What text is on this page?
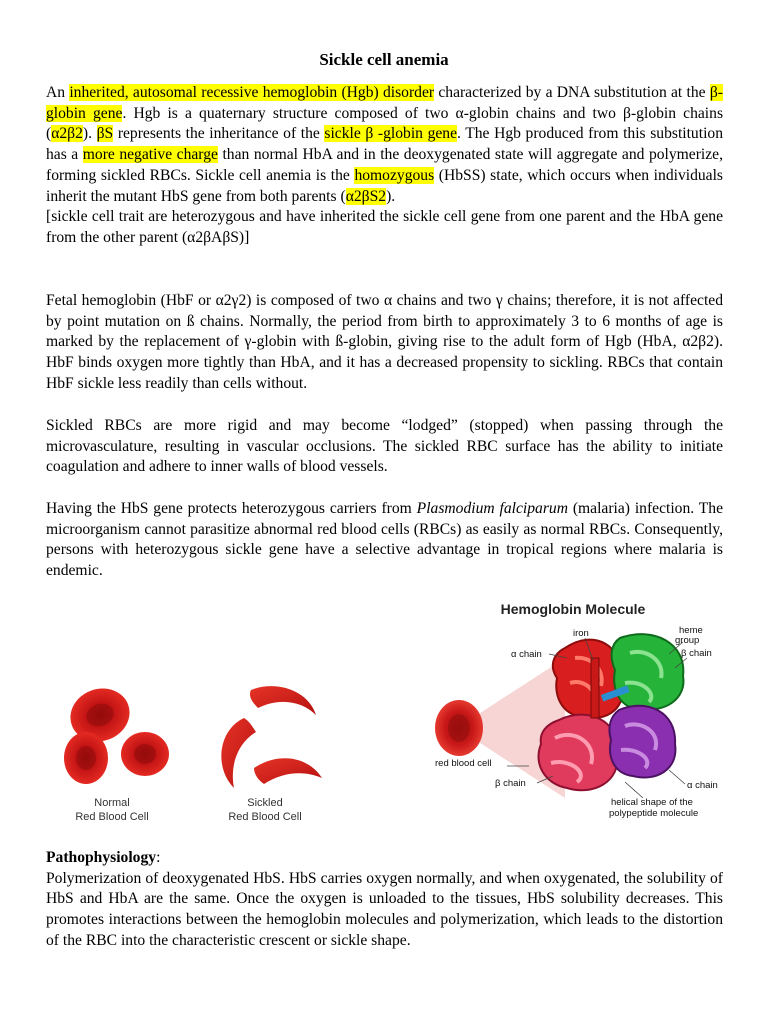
Sickle cell anemia

An inherited, autosomal recessive hemoglobin (Hgb) disorder characterized by a DNA substitution at the β-globin gene. Hgb is a quaternary structure composed of two α-globin chains and two β-globin chains (α2β2). βS represents the inheritance of the sickle β -globin gene. The Hgb produced from this substitution has a more negative charge than normal HbA and in the deoxygenated state will aggregate and polymerize, forming sickled RBCs. Sickle cell anemia is the homozygous (HbSS) state, which occurs when individuals inherit the mutant HbS gene from both parents (α2βS2).
[sickle cell trait are heterozygous and have inherited the sickle cell gene from one parent and the HbA gene from the other parent (α2βAβS)]

Fetal hemoglobin (HbF or α2γ2) is composed of two α chains and two γ chains; therefore, it is not affected by point mutation on ß chains. Normally, the period from birth to approximately 3 to 6 months of age is marked by the replacement of γ-globin with ß-globin, giving rise to the adult form of Hgb (HbA, α2β2). HbF binds oxygen more tightly than HbA, and it has a decreased propensity to sickling. RBCs that contain HbF sickle less readily than cells without.

Sickled RBCs are more rigid and may become “lodged” (stopped) when passing through the microvasculature, resulting in vascular occlusions. The sickled RBC surface has the ability to initiate coagulation and adhere to inner walls of blood vessels.

Having the HbS gene protects heterozygous carriers from Plasmodium falciparum (malaria) infection. The microorganism cannot parasitize abnormal red blood cells (RBCs) as easily as normal RBCs. Consequently, persons with heterozygous sickle gene have a selective advantage in tropical regions where malaria is endemic.

Normal
Red Blood Cell
Sickled
Red Blood Cell
Hemoglobin Molecule
iron
α chain
heme
group
β chain
red blood cell
β chain	α chain
helical shape of the
polypeptide molecule

Pathophysiology:
Polymerization of deoxygenated HbS. HbS carries oxygen normally, and when oxygenated, the solubility of HbS and HbA are the same. Once the oxygen is unloaded to the tissues, HbS solubility decreases. This promotes interactions between the hemoglobin molecules and polymerization, which leads to the distortion of the RBC into the characteristic crescent or sickle shape.
